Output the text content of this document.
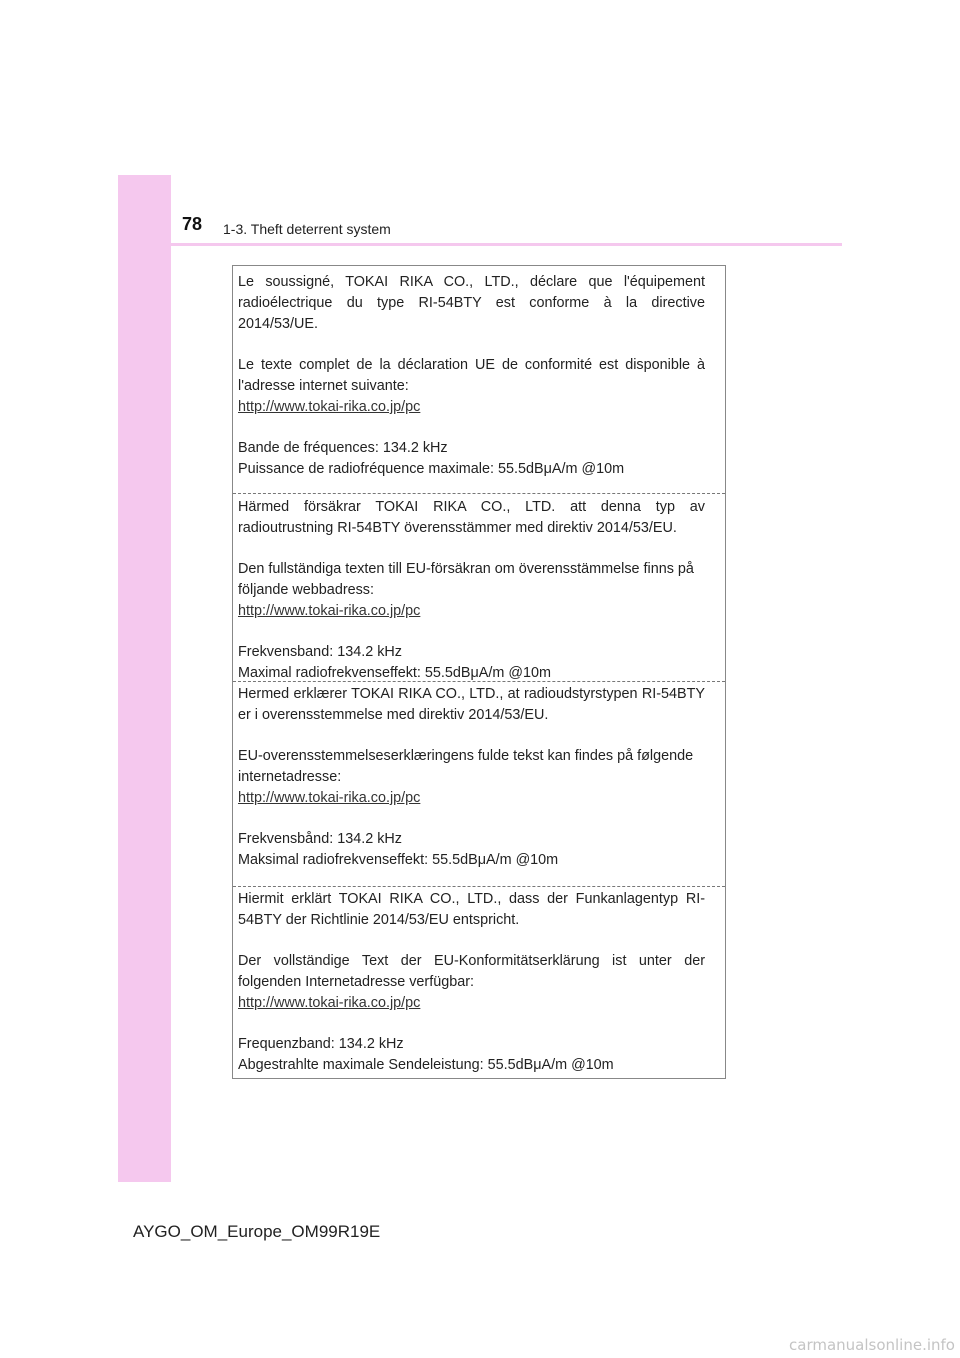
78 1-3. Theft deterrent system

Le soussigné, TOKAI RIKA CO., LTD., déclare que l'équipement radioélectrique du type RI-54BTY est conforme à la directive 2014/53/UE.

Le texte complet de la déclaration UE de conformité est disponible à l'adresse internet suivante:

http://www.tokai-rika.co.jp/pc

Bande de fréquences: 134.2 kHz

Puissance de radiofréquence maximale: 55.5dBμA/m @10m

Härmed försäkrar TOKAI RIKA CO., LTD. att denna typ av radioutrustning RI-54BTY överensstämmer med direktiv 2014/53/EU.

Den fullständiga texten till EU-försäkran om överensstämmelse finns på följande webbadress:

http://www.tokai-rika.co.jp/pc

Frekvensband: 134.2 kHz

Maximal radiofrekvenseffekt: 55.5dBμA/m @10m

Hermed erklærer TOKAI RIKA CO., LTD., at radioudstyrstypen RI-54BTY er i overensstemmelse med direktiv 2014/53/EU.

EU-overensstemmelseserklæringens fulde tekst kan findes på følgende internetadresse:

http://www.tokai-rika.co.jp/pc

Frekvensbånd: 134.2 kHz

Maksimal radiofrekvenseffekt: 55.5dBμA/m @10m

Hiermit erklärt TOKAI RIKA CO., LTD., dass der Funkanlagentyp RI-54BTY der Richtlinie 2014/53/EU entspricht.

Der vollständige Text der EU-Konformitätserklärung ist unter der folgenden Internetadresse verfügbar:

http://www.tokai-rika.co.jp/pc

Frequenzband: 134.2 kHz

Abgestrahlte maximale Sendeleistung: 55.5dBμA/m @10m

AYGO_OM_Europe_OM99R19E
carmanualsonline.info
